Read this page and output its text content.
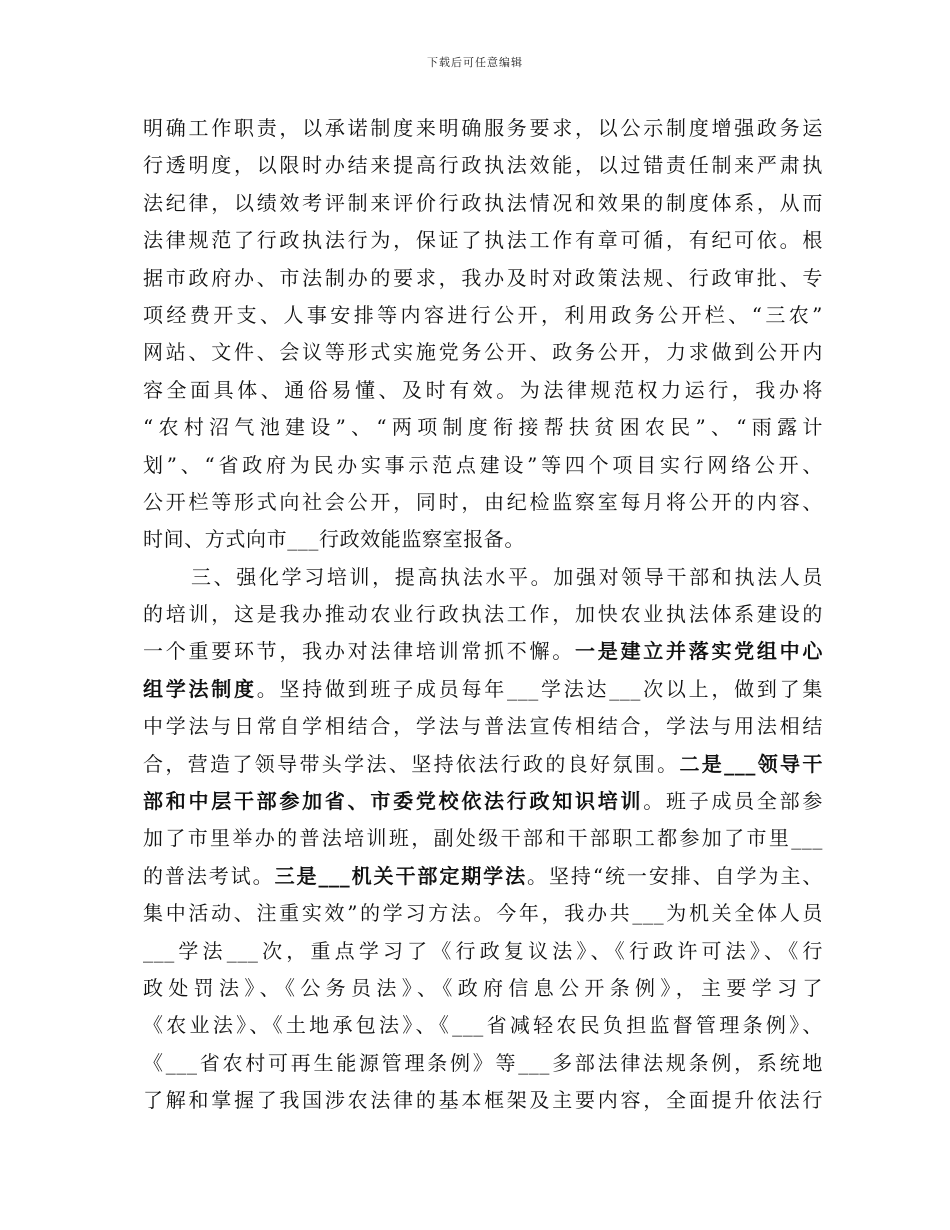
下载后可任意编辑
明确工作职责，以承诺制度来明确服务要求，以公示制度增强政务运
行透明度，以限时办结来提高行政执法效能，以过错责任制来严肃执
法纪律，以绩效考评制来评价行政执法情况和效果的制度体系，从而
法律规范了行政执法行为，保证了执法工作有章可循，有纪可依。根
据市政府办、市法制办的要求，我办及时对政策法规、行政审批、专
项经费开支、人事安排等内容进行公开，利用政务公开栏、“三农”
网站、文件、会议等形式实施党务公开、政务公开，力求做到公开内
容全面具体、通俗易懂、及时有效。为法律规范权力运行，我办将
“农村沼气池建设”、“两项制度衔接帮扶贫困农民”、“雨露计
划”、“省政府为民办实事示范点建设”等四个项目实行网络公开、
公开栏等形式向社会公开，同时，由纪检监察室每月将公开的内容、
时间、方式向市___行政效能监察室报备。
三、强化学习培训，提高执法水平。加强对领导干部和执法人员
的培训，这是我办推动农业行政执法工作，加快农业执法体系建设的
一个重要环节，我办对法律培训常抓不懈。一是建立并落实党组中心
组学法制度。坚持做到班子成员每年___学法达___次以上，做到了集
中学法与日常自学相结合，学法与普法宣传相结合，学法与用法相结
合，营造了领导带头学法、坚持依法行政的良好氛围。二是___领导干
部和中层干部参加省、市委党校依法行政知识培训。班子成员全部参
加了市里举办的普法培训班，副处级干部和干部职工都参加了市里___
的普法考试。三是___机关干部定期学法。坚持“统一安排、自学为主、
集中活动、注重实效”的学习方法。今年，我办共___为机关全体人员
___学法___次，重点学习了《行政复议法》、《行政许可法》、《行
政处罚法》、《公务员法》、《政府信息公开条例》，主要学习了
《农业法》、《土地承包法》、《___省减轻农民负担监督管理条例》、
《___省农村可再生能源管理条例》等___多部法律法规条例，系统地
了解和掌握了我国涉农法律的基本框架及主要内容，全面提升依法行
